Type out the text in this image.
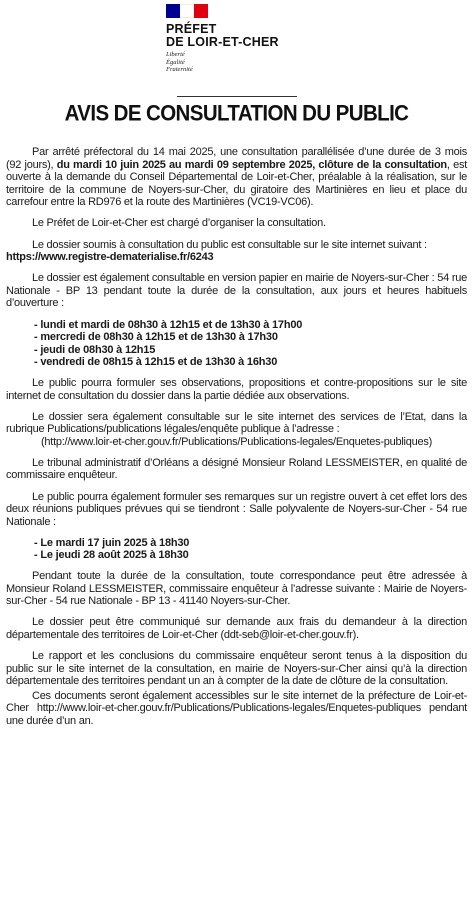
PRÉFET
DE LOIR-ET-CHER
Liberté
Égalité
Fraternité
AVIS DE CONSULTATION DU PUBLIC

Par arrêté préfectoral du 14 mai 2025, une consultation parallélisée d’une durée de 3 mois (92 jours), du mardi 10 juin 2025 au mardi 09 septembre 2025, clôture de la consultation, est ouverte à la demande du Conseil Départemental de Loir-et-Cher, préalable à la réalisation, sur le territoire de la commune de Noyers-sur-Cher, du giratoire des Martinières en lieu et place du carrefour entre la RD976 et la route des Martinières (VC19-VC06).

Le Préfet de Loir-et-Cher est chargé d’organiser la consultation.

Le dossier soumis à consultation du public est consultable sur le site internet suivant :
https://www.registre-dematerialise.fr/6243

Le dossier est également consultable en version papier en mairie de Noyers-sur-Cher : 54 rue Nationale - BP 13 pendant toute la durée de la consultation, aux jours et heures habituels d’ouverture :

- lundi et mardi de 08h30 à 12h15 et de 13h30 à 17h00
- mercredi de 08h30 à 12h15 et de 13h30 à 17h30
- jeudi de 08h30 à 12h15
- vendredi de 08h15 à 12h15 et de 13h30 à 16h30

Le public pourra formuler ses observations, propositions et contre-propositions sur le site internet de consultation du dossier dans la partie dédiée aux observations.

Le dossier sera également consultable sur le site internet des services de l’Etat, dans la rubrique Publications/publications légales/enquête publique à l’adresse :

(http://www.loir-et-cher.gouv.fr/Publications/Publications-legales/Enquetes-publiques)

Le tribunal administratif d’Orléans a désigné Monsieur Roland LESSMEISTER, en qualité de commissaire enquêteur.

Le public pourra également formuler ses remarques sur un registre ouvert à cet effet lors des deux réunions publiques prévues qui se tiendront : Salle polyvalente de Noyers-sur-Cher - 54 rue Nationale :

- Le mardi 17 juin 2025 à 18h30
- Le jeudi 28 août 2025 à 18h30

Pendant toute la durée de la consultation, toute correspondance peut être adressée à Monsieur Roland LESSMEISTER, commissaire enquêteur à l’adresse suivante : Mairie de Noyers-sur-Cher - 54 rue Nationale - BP 13 - 41140 Noyers-sur-Cher.

Le dossier peut être communiqué sur demande aux frais du demandeur à la direction départementale des territoires de Loir-et-Cher (ddt-seb@loir-et-cher.gouv.fr).

Le rapport et les conclusions du commissaire enquêteur seront tenus à la disposition du public sur le site internet de la consultation, en mairie de Noyers-sur-Cher ainsi qu’à la direction départementale des territoires pendant un an à compter de la date de clôture de la consultation.

Ces documents seront également accessibles sur le site internet de la préfecture de Loir-et-Cher http://www.loir-et-cher.gouv.fr/Publications/Publications-legales/Enquetes-publiques pendant une durée d’un an.
